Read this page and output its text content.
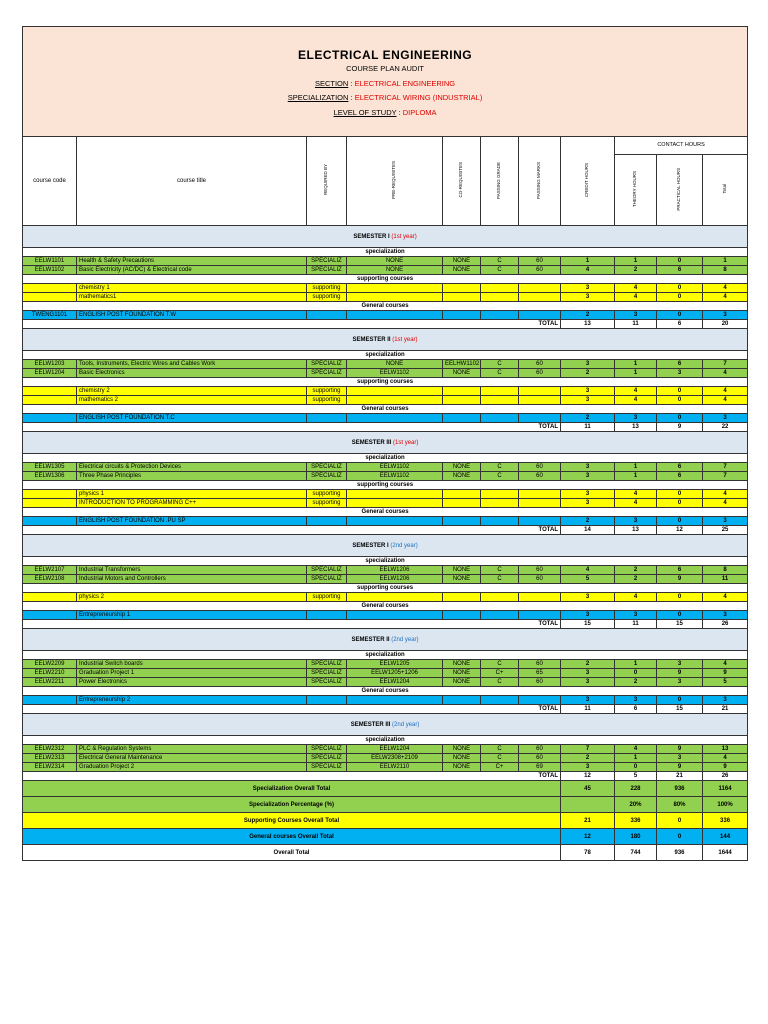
ELECTRICAL ENGINEERING
COURSE PLAN AUDIT
SECTION : ELECTRICAL ENGINEERING
SPECIALIZATION : ELECTRICAL WIRING (INDUSTRIAL)
LEVEL OF STUDY : DIPLOMA										

course code	course title	REQUIRED BY	PRE-REQUISITES	CO-REQUISITES	PASSING GRADE	PASSING MARKS	CREDIT HOURS	CONTACT HOURS		
								THEORY HOURS	PRACTICAL HOURS	Total
SEMESTER I (1st year)										
specialization										
EELW1101	Health & Safety Precautions	SPECIALIZ	NONE	NONE	C	60	1	1	0	1
EELW1102	Basic Electricity (AC/DC) & Electrical code	SPECIALIZ	NONE	NONE	C	60	4	2	6	8
supporting courses										
	chemistry 1	supporting					3	4	0	4
	mathematics1	supporting					3	4	0	4
General courses										
TWENG1101	ENGLISH POST FOUNDATION T.W						2	3	0	3
						TOTAL	13	11	6	20
SEMESTER II (1st year)										
specialization										
EELW1203	Tools, Instruments, Electric Wires and Cables Work	SPECIALIZ	NONE	EELHW1102	C	60	3	1	6	7
EELW1204	Basic Electronics	SPECIALIZ	EELW1102	NONE	C	60	2	1	3	4
supporting courses										
	chemistry 2	supporting					3	4	0	4
	mathematics 2	supporting					3	4	0	4
General courses										
	ENGLISH POST FOUNDATION T.C						2	3	0	3
						TOTAL	11	13	9	22
SEMESTER III (1st year)										
specialization										
EELW1305	Electrical circuits & Protection Devices	SPECIALIZ	EELW1102	NONE	C	60	3	1	6	7
EELW1306	Three Phase Principles	SPECIALIZ	EELW1102	NONE	C	60	3	1	6	7
supporting courses										
	physics 1	supporting					3	4	0	4
	INTRODUCTION TO PROGRAMMING C++	supporting					3	4	0	4
General courses										
	ENGLISH POST FOUNDATION .PU SP						2	3	0	3
						TOTAL	14	13	12	25
SEMESTER I (2nd year)										
specialization										
EELW2107	Industrial Transformers	SPECIALIZ	EELW1206	NONE	C	60	4	2	6	8
EELW2108	Industrial Motors and Controllers	SPECIALIZ	EELW1206	NONE	C	60	5	2	9	11
supporting courses										
	physics 2	supporting					3	4	0	4
General courses										
	Entrepreneurship 1						3	3	0	3
						TOTAL	15	11	15	26
SEMESTER II (2nd year)										
specialization										
EELW2209	Industrial Switch boards	SPECIALIZ	EELW1205	NONE	C	60	2	1	3	4
EELW2210	Graduation Project 1	SPECIALIZ	EELW1205+1206	NONE	C+	65	3	0	9	9
EELW2211	Power Electronics	SPECIALIZ	EELW1204	NONE	C	60	3	2	3	5
General courses										
	Entrepreneurship 2						3	3	0	3
						TOTAL	11	6	15	21
SEMESTER III (2nd year)										
specialization										
EELW2312	PLC & Regulation Systems	SPECIALIZ	EELW1204	NONE	C	60	7	4	9	13
EELW2313	Electrical General Maintenance	SPECIALIZ	EELW2308+2109	NONE	C	60	2	1	3	4
EELW2314	Graduation Project 2	SPECIALIZ	EELW2110	NONE	C+	69	3	0	9	9
						TOTAL	12	5	21	26
Specialization Overall Total							45	228	936	1164
Specialization Percentage (%)								20%	80%	100%
Supporting Courses Overall Total							21	336	0	336
General courses Overall Total							12	180	0	144
Overall Total							78	744	936	1644
